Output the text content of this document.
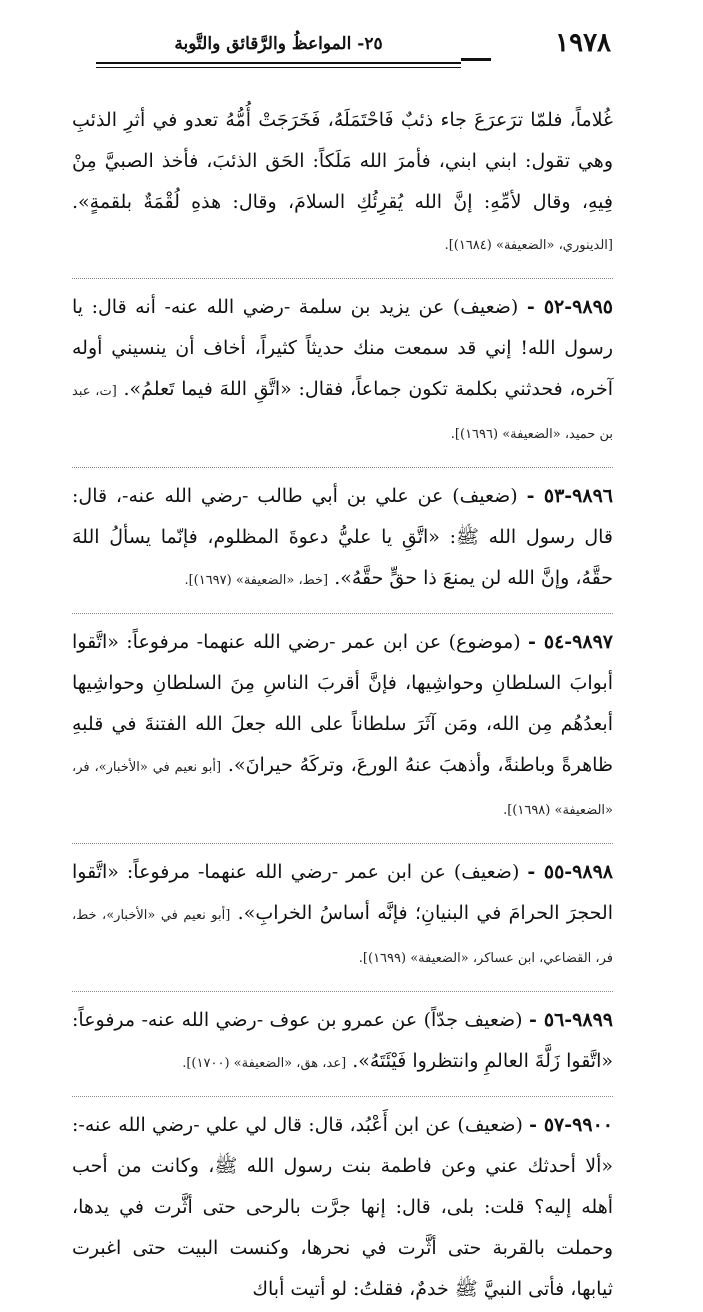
١٩٧٨
٢٥- المواعظُ والرَّقائق والتَّوبة

غُلاماً، فلمّا ترَعرَعَ جاء ذئبٌ فَاحْتَمَلَهُ، فَخَرَجَتْ أُمُّهُ تعدو في أثرِ الذئبِ وهي تقول: ابني ابني، فأمرَ الله مَلَكاً: الحَق الذئبَ، فأخذ الصبيَّ مِنْ فِيهِ، وقال لأمِّهِ: إنَّ الله يُقرِئُكِ السلامَ، وقال: هذهِ لُقْمَةٌ بلقمةٍ». [الدينوري، «الضعيفة» (١٦٨٤)].

٩٨٩٥-٥٢ - (ضعيف) عن يزيد بن سلمة -رضي الله عنه- أنه قال: يا رسول الله! إني قد سمعت منك حديثاً كثيراً، أخاف أن ينسيني أوله آخره، فحدثني بكلمة تكون جماعاً، فقال: «اتَّقِ اللهَ فيما تَعلمُ». [ت، عبد بن حميد، «الضعيفة» (١٦٩٦)].

٩٨٩٦-٥٣ - (ضعيف) عن علي بن أبي طالب -رضي الله عنه-، قال: قال رسول الله ﷺ: «اتَّقِ يا عليُّ دعوةَ المظلوم، فإنّما يسألُ اللهَ حقَّهُ، وإنَّ الله لن يمنعَ ذا حقٍّ حقَّهُ». [خط، «الضعيفة» (١٦٩٧)].

٩٨٩٧-٥٤ - (موضوع) عن ابن عمر -رضي الله عنهما- مرفوعاً: «اتَّقوا أبوابَ السلطانِ وحواشِيها، فإنَّ أقربَ الناسِ مِنَ السلطانِ وحواشِيها أبعدُهُم مِن الله، ومَن آثَرَ سلطاناً على الله جعلَ الله الفتنةَ في قلبهِ ظاهرةً وباطنةً، وأذهبَ عنهُ الورعَ، وتركَهُ حيرانَ». [أبو نعيم في «الأخبار»، فر، «الضعيفة» (١٦٩٨)].

٩٨٩٨-٥٥ - (ضعيف) عن ابن عمر -رضي الله عنهما- مرفوعاً: «اتَّقوا الحجرَ الحرامَ في البنيانِ؛ فإنَّه أساسُ الخرابِ». [أبو نعيم في «الأخبار»، خط، فر، القضاعي، ابن عساكر، «الضعيفة» (١٦٩٩)].

٩٨٩٩-٥٦ - (ضعيف جدّاً) عن عمرو بن عوف -رضي الله عنه- مرفوعاً: «اتَّقوا زَلَّةَ العالمِ وانتظروا فَيْئَتَهُ». [عد، هق، «الضعيفة» (١٧٠٠)].

٩٩٠٠-٥٧ - (ضعيف) عن ابن أَعْبُد، قال: قال لي علي -رضي الله عنه-: «ألا أحدثك عني وعن فاطمة بنت رسول الله ﷺ، وكانت من أحب أهله إليه؟ قلت: بلى، قال: إنها جرَّت بالرحى حتى أثَّرت في يدها، وحملت بالقربة حتى أثَّرت في نحرها، وكنست البيت حتى اغبرت ثيابها، فأتى النبيَّ ﷺ خدمٌ، فقلتُ: لو أتيت أباك
